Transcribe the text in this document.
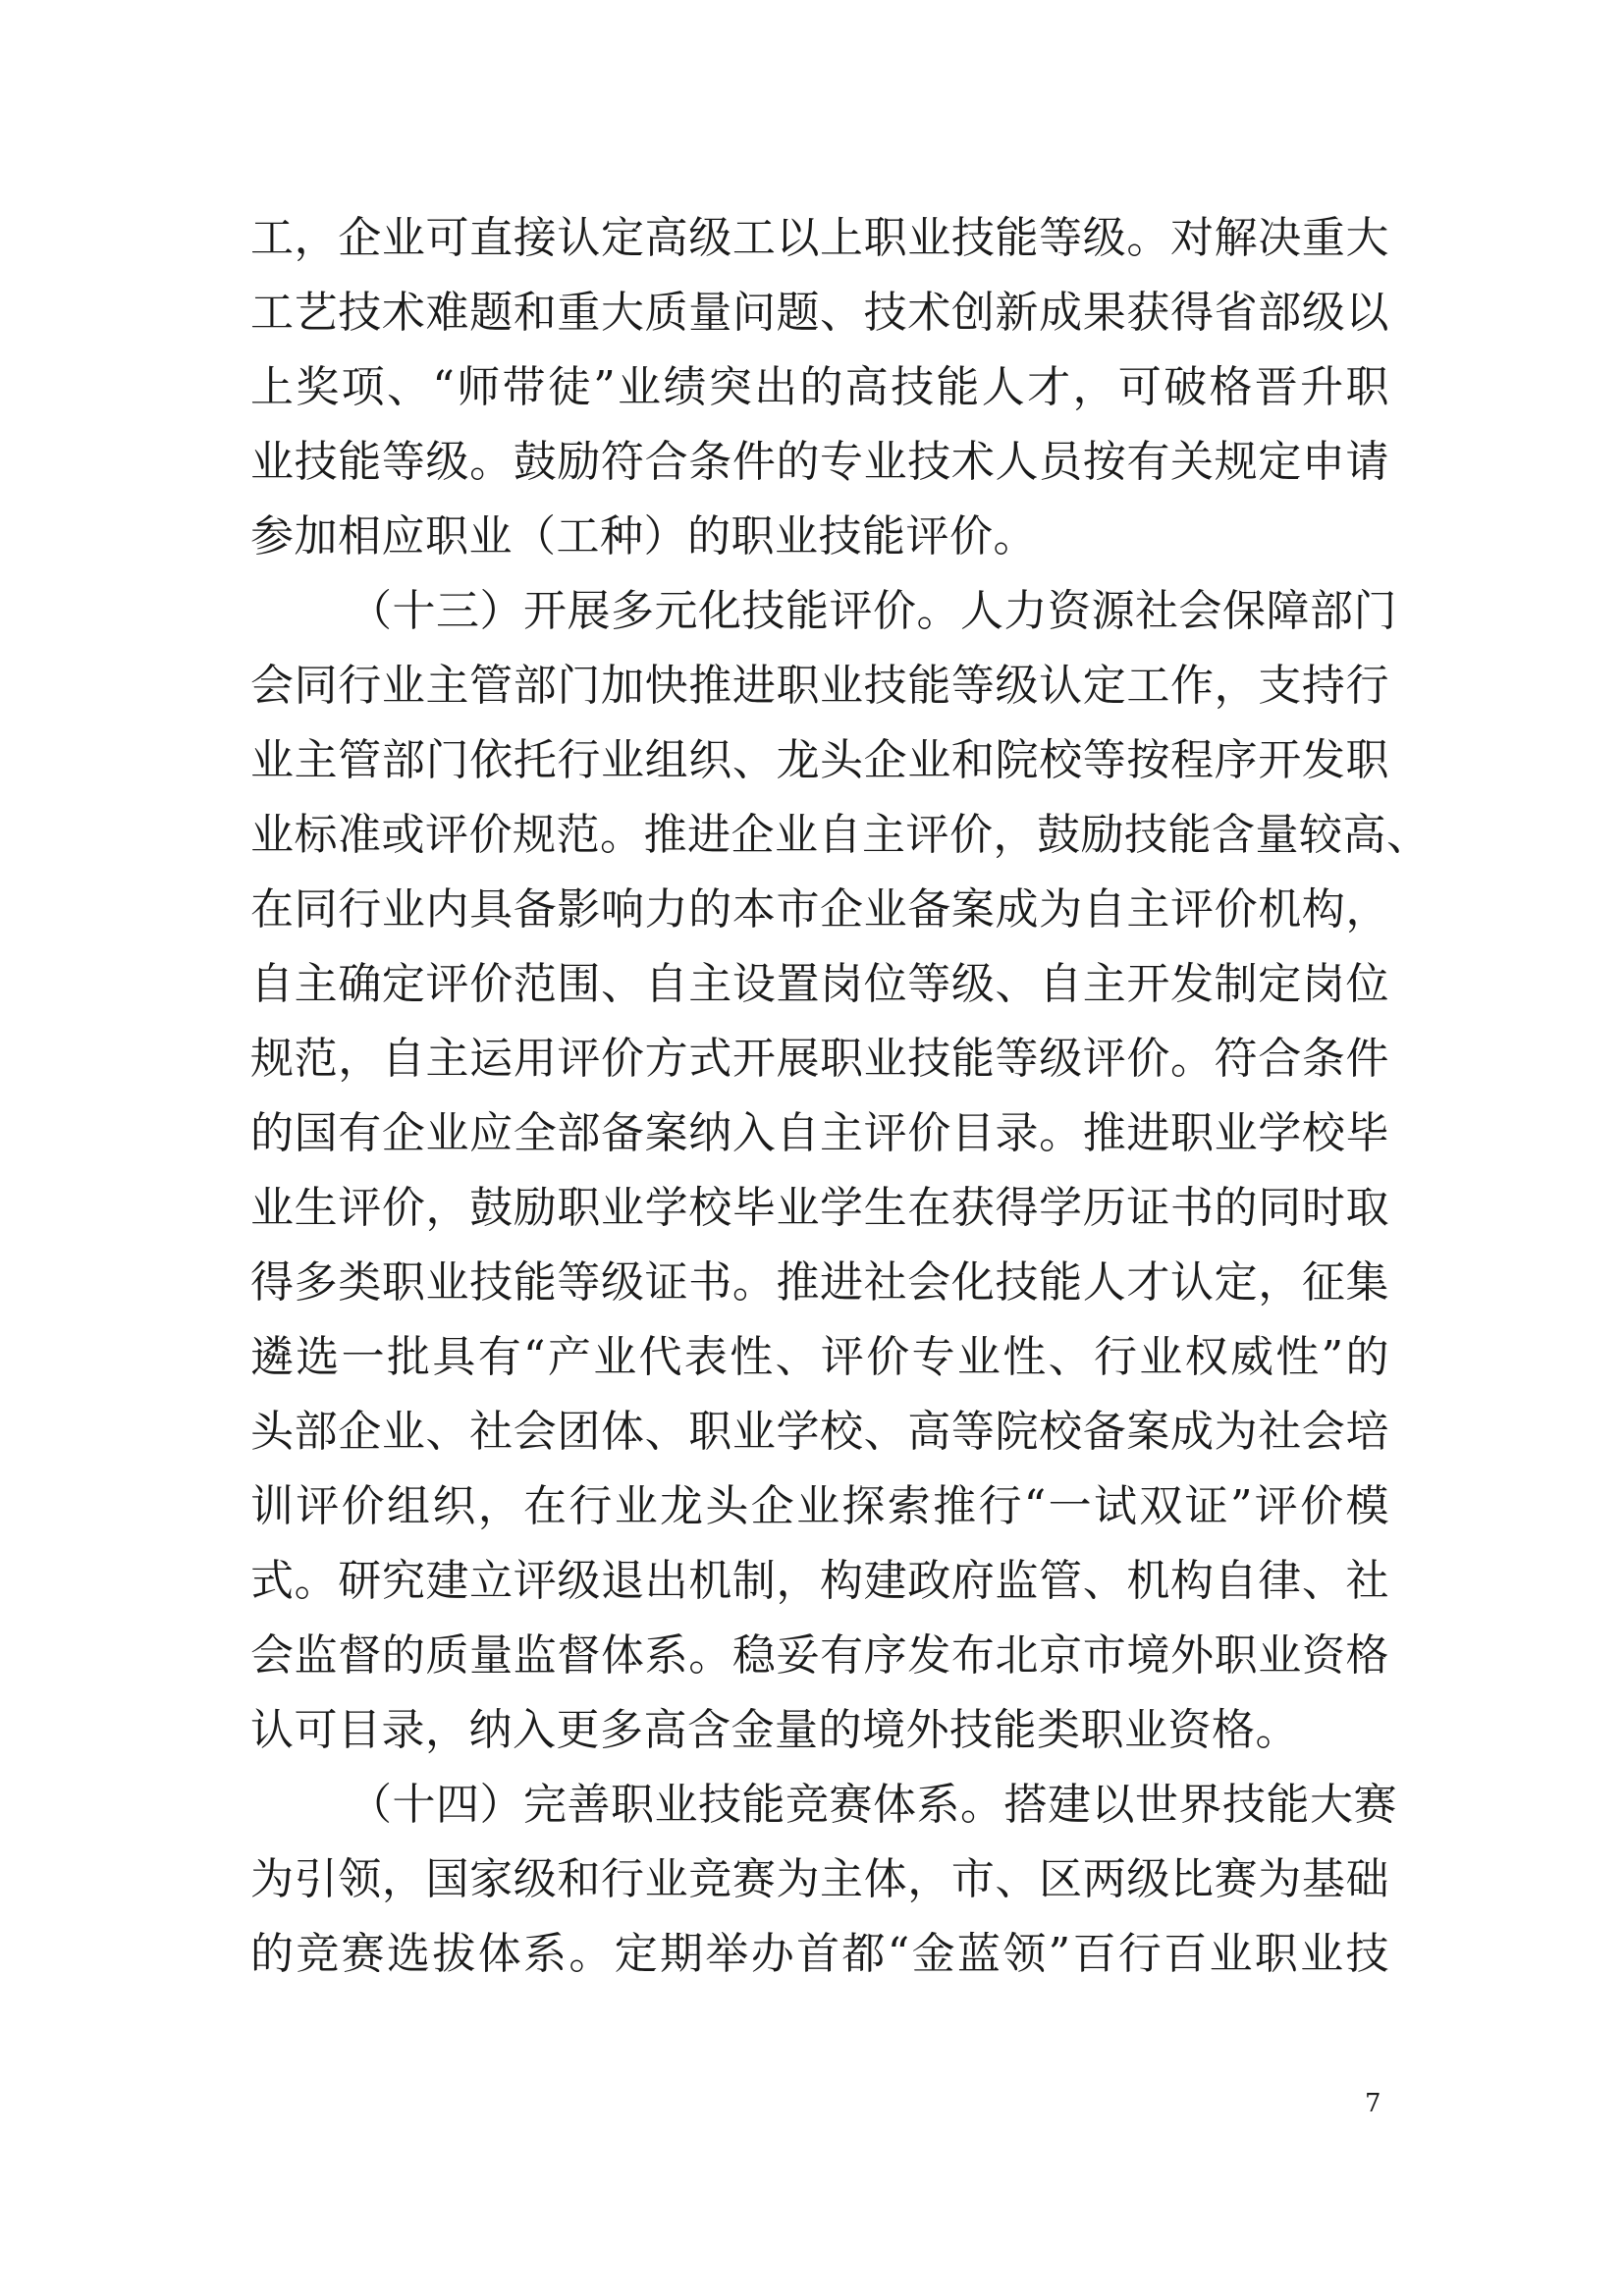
工，企业可直接认定高级工以上职业技能等级。对解决重大
工艺技术难题和重大质量问题、技术创新成果获得省部级以
上奖项、“师带徒”业绩突出的高技能人才，可破格晋升职
业技能等级。鼓励符合条件的专业技术人员按有关规定申请
参加相应职业（工种）的职业技能评价。
（十三）开展多元化技能评价。人力资源社会保障部门
会同行业主管部门加快推进职业技能等级认定工作，支持行
业主管部门依托行业组织、龙头企业和院校等按程序开发职
业标准或评价规范。推进企业自主评价，鼓励技能含量较高、
在同行业内具备影响力的本市企业备案成为自主评价机构，
自主确定评价范围、自主设置岗位等级、自主开发制定岗位
规范，自主运用评价方式开展职业技能等级评价。符合条件
的国有企业应全部备案纳入自主评价目录。推进职业学校毕
业生评价，鼓励职业学校毕业学生在获得学历证书的同时取
得多类职业技能等级证书。推进社会化技能人才认定，征集
遴选一批具有“产业代表性、评价专业性、行业权威性”的
头部企业、社会团体、职业学校、高等院校备案成为社会培
训评价组织，在行业龙头企业探索推行“一试双证”评价模
式。研究建立评级退出机制，构建政府监管、机构自律、社
会监督的质量监督体系。稳妥有序发布北京市境外职业资格
认可目录，纳入更多高含金量的境外技能类职业资格。
（十四）完善职业技能竞赛体系。搭建以世界技能大赛
为引领，国家级和行业竞赛为主体，市、区两级比赛为基础
的竞赛选拔体系。定期举办首都“金蓝领”百行百业职业技
7
